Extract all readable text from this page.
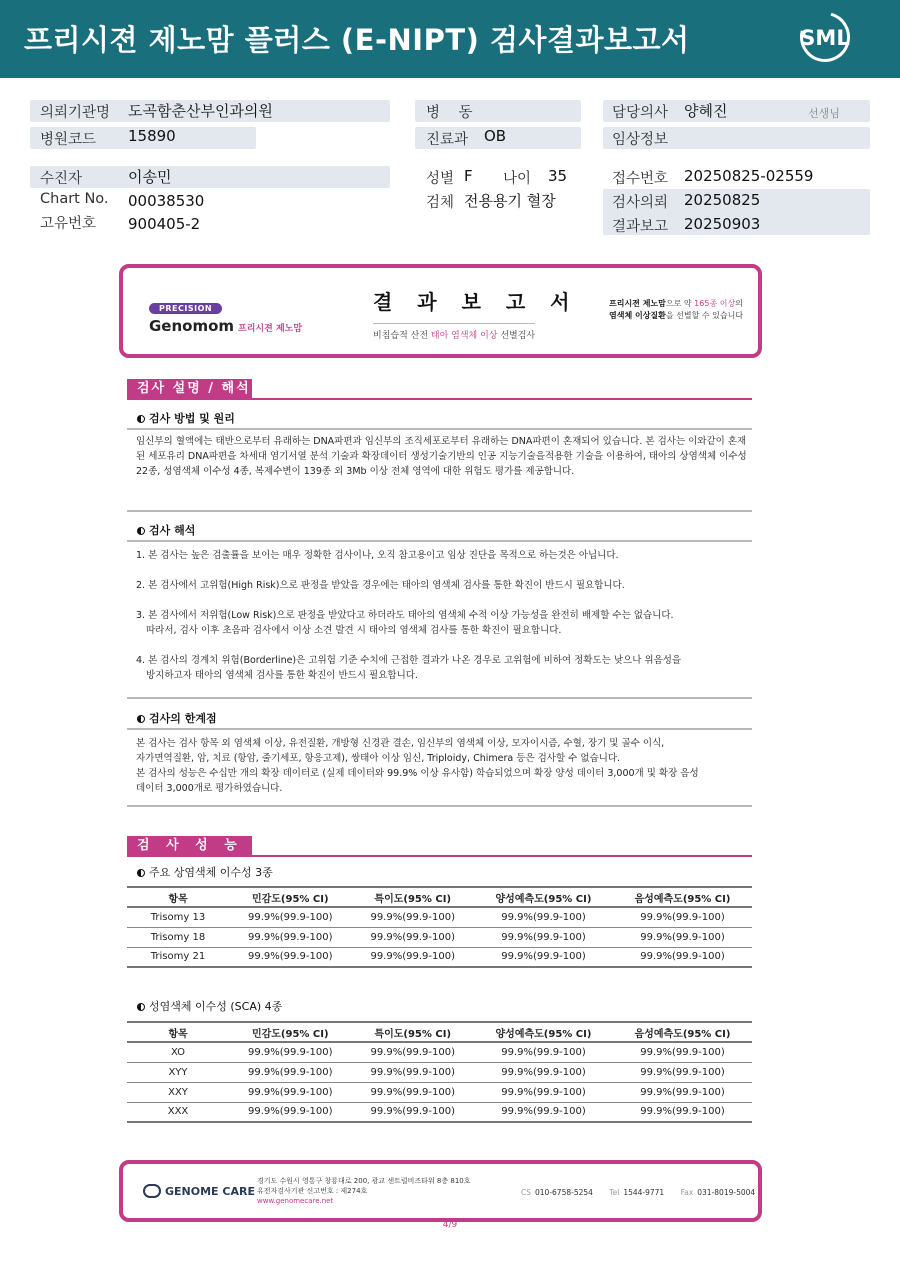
프리시젼 제노맘 플러스 (E-NIPT) 검사결과보고서	SML
의뢰기관명 도곡함춘산부인과의원
병원코드 15890
병    동
진료과 OB
담당의사 양혜진	선생님
임상정보
수진자	이송민
Chart No. 00038530
고유번호 900405-2
성별 F 나이 35
검체 전용용기 혈장
접수번호 20250825-02559
검사의뢰 20250825
결과보고 20250903
PRECISION
Genomom 프리시젼 제노맘
결 과 보 고 서
비침습적 산전 태아 염색체 이상 선별검사
프리시젼 제노맘으로 약 165종 이상의
염색체 이상질환을 선별할 수 있습니다
검사 설명 / 해석
검사 방법 및 원리
임신부의 혈액에는 태반으로부터 유래하는 DNA파편과 임신부의 조직세포로부터 유래하는 DNA파편이 혼재되어 있습니다. 본 검사는 이와같이 혼재된 세포유리 DNA파편을 차세대 염기서열 분석 기술과 확장데이터 생성기술기반의 인공 지능기술을적용한 기술을 이용하여, 태아의 상염색체 이수성 22종, 성염색체 이수성 4종, 복제수변이 139종 외 3Mb 이상 전체 영역에 대한 위험도 평가를 제공합니다.
검사 해석
1. 본 검사는 높은 검출률을 보이는 매우 정확한 검사이나, 오직 참고용이고 임상 진단을 목적으로 하는것은 아닙니다.
2. 본 검사에서 고위험(High Risk)으로 판정을 받았을 경우에는 태아의 염색체 검사를 통한 확진이 반드시 필요합니다.
3. 본 검사에서 저위험(Low Risk)으로 판정을 받았다고 하더라도 태아의 염색체 수적 이상 가능성을 완전히 배제할 수는 없습니다.
따라서, 검사 이후 초음파 검사에서 이상 소견 발견 시 태아의 염색체 검사를 통한 확진이 필요합니다.
4. 본 검사의 경계치 위험(Borderline)은 고위험 기준 수치에 근접한 결과가 나온 경우로 고위험에 비하여 정확도는 낮으나 위음성을
방지하고자 태아의 염색체 검사를 통한 확진이 반드시 필요합니다.
검사의 한계점
본 검사는 검사 항목 외 염색체 이상, 유전질환, 개방형 신경관 결손, 임신부의 염색체 이상, 모자이시즘, 수혈, 장기 및 골수 이식,
자가면역질환, 암, 치료 (항암, 줄기세포, 항응고제), 쌍태아 이상 임신, Triploidy, Chimera 등은 검사할 수 없습니다.
본 검사의 성능은 수십만 개의 확장 데이터로 (실제 데이터와 99.9% 이상 유사함) 학습되었으며 확장 양성 데이터 3,000개 및 확장 음성
데이터 3,000개로 평가하였습니다.
검 사 성 능
주요 상염색체 이수성 3종
항목	민감도(95% CI)	특이도(95% CI)	양성예측도(95% CI)	음성예측도(95% CI)
Trisomy 13	99.9%(99.9-100)	99.9%(99.9-100)	99.9%(99.9-100)	99.9%(99.9-100)
Trisomy 18	99.9%(99.9-100)	99.9%(99.9-100)	99.9%(99.9-100)	99.9%(99.9-100)
Trisomy 21	99.9%(99.9-100)	99.9%(99.9-100)	99.9%(99.9-100)	99.9%(99.9-100)
성염색체 이수성 (SCA) 4종
항목	민감도(95% CI)	특이도(95% CI)	양성예측도(95% CI)	음성예측도(95% CI)
XO	99.9%(99.9-100)	99.9%(99.9-100)	99.9%(99.9-100)	99.9%(99.9-100)
XYY	99.9%(99.9-100)	99.9%(99.9-100)	99.9%(99.9-100)	99.9%(99.9-100)
XXY	99.9%(99.9-100)	99.9%(99.9-100)	99.9%(99.9-100)	99.9%(99.9-100)
XXX	99.9%(99.9-100)	99.9%(99.9-100)	99.9%(99.9-100)	99.9%(99.9-100)
GENOME CARE
경기도 수원시 영통구 창룡대로 200, 광교 센트럴비즈타워 8층 810호
유전자검사기관 신고번호 : 제274호
www.genomecare.net
CS 010-6758-5254 Tel 1544-9771 Fax 031-8019-5004
4/9
